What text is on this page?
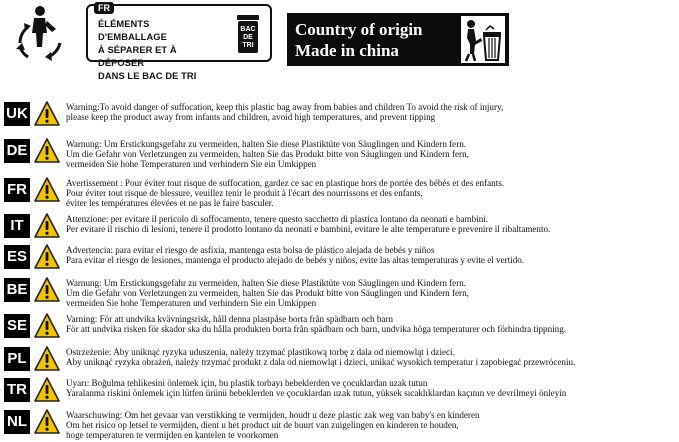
FR
ÉLÉMENTS D'EMBALLAGE
À SÉPARER ET À DÉPOSER
DANS LE BAC DE TRI
BAC
DE
TRI
Country of origin
Made in china
UK	Warning:To avoid danger of suffocation, keep this plastic bag away from babies and children To avoid the risk of injury,
please keep the product away from infants and children, avoid high temperatures, and prevent tipping
DE	Warnung: Um Erstickungsgefahr zu vermeiden, halten Sie diese Plastiktüte von Säuglingen und Kindern fern.
Um die Gefahr von Verletzungen zu vermeiden, halten Sie das Produkt bitte von Säuglingen und Kindern fern,
vermeiden Sie hohe Temperaturen und verhindern Sie ein Umkippen
FR	Avertissement : Pour éviter tout risque de suffocation, gardez ce sac en plastique hors de portée des bébés et des enfants.
Pour éviter tout risque de blessure, veuillez tenir le produit à l'écart des nourrissons et des enfants,
éviter les températures élevées et ne pas le faire basculer.
IT	Attenzione: per evitare il pericolo di soffocamento, tenere questo sacchetto di plastica lontano da neonati e bambini.
Per evitare il rischio di lesioni, tenere il prodotto lontano da neonati e bambini, evitare le alte temperature e prevenire il ribaltamento.
ES	Advertencia: para evitar el riesgo de asfixia, mantenga esta bolsa de plástico alejada de bebés y niños
Para evitar el riesgo de lesiones, mantenga el producto alejado de bebés y niños, evite las altas temperaturas y evite el vertido.
BE	Warnung: Um Erstickungsgefahr zu vermeiden, halten Sie diese Plastiktüte von Säuglingen und Kindern fern.
Um die Gefahr von Verletzungen zu vermeiden, halten Sie das Produkt bitte von Säuglingen und Kindern fern,
vermeiden Sie hohe Temperaturen und verhindern Sie ein Umkippen
SE	Varning: För att undvika kvävningsrisk, håll denna plastpåse borta från spädbarn och barn
För att undvika risken för skador ska du hålla produkten borta från spädbarn och barn, undvika höga temperaturer och förhindra tippning.
PL	Ostrzeżenie: Aby uniknąć ryzyka uduszenia, należy trzymać plastikową torbę z dala od niemowląt i dzieci.
Aby uniknąć ryzyka obrażeń, należy trzymać produkt z dala od niemowląt i dzieci, unikać wysokich temperatur i zapobiegać przewróceniu.
TR	Uyarı: Boğulma tehlikesini önlemek için, bu plastik torbayı bebeklerden ve çocuklardan uzak tutun
Yaralanma riskini önlemek için lütfen ürünü bebeklerden ve çocuklardan uzak tutun, yüksek sıcaklıklardan kaçının ve devrilmeyi önleyin
NL	Waarschuwing: Om het gevaar van verstikking te vermijden, houdt u deze plastic zak weg van baby's en kinderen
Om het risico op letsel te vermijden, dient u het product uit de buurt van zuigelingen en kinderen te houden,
hoge temperaturen te vermijden en kantelen te voorkomen
